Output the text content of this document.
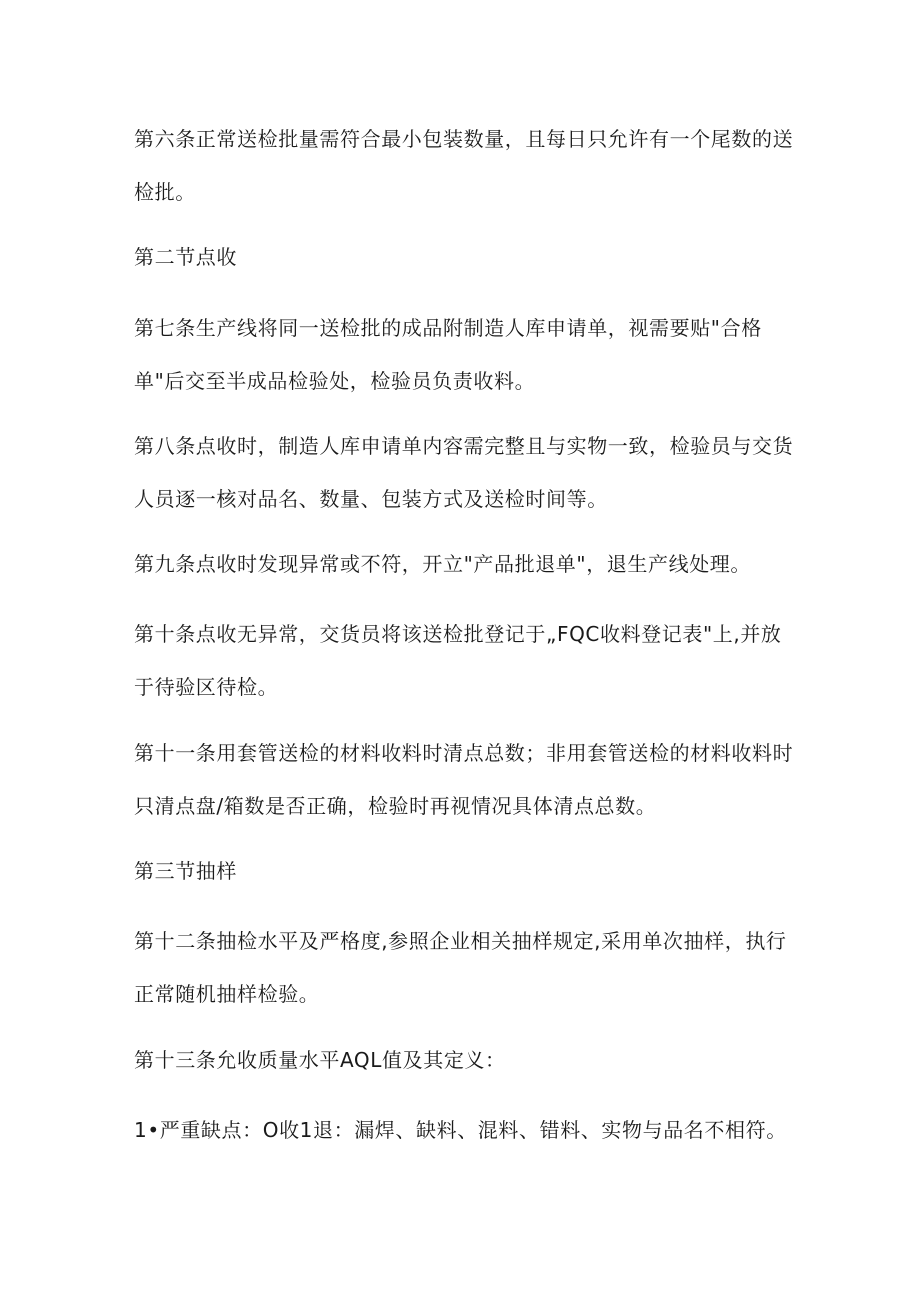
第六条正常送检批量需符合最小包装数量，且每日只允许有一个尾数的送检批。

第二节点收

第七条生产线将同一送检批的成品附制造人库申请单，视需要贴"合格单"后交至半成品检验处，检验员负责收料。

第八条点收时，制造人库申请单内容需完整且与实物一致，检验员与交货人员逐一核对品名、数量、包装方式及送检时间等。

第九条点收时发现异常或不符，开立"产品批退单"，退生产线处理。

第十条点收无异常，交货员将该送检批登记于„FQC收料登记表"上,并放于待验区待检。

第十一条用套管送检的材料收料时清点总数；非用套管送检的材料收料时只清点盘/箱数是否正确，检验时再视情况具体清点总数。

第三节抽样

第十二条抽检水平及严格度,参照企业相关抽样规定,采用单次抽样，执行正常随机抽样检验。

第十三条允收质量水平AQL值及其定义：

1•严重缺点：O收1退：漏焊、缺料、混料、错料、实物与品名不相符。
